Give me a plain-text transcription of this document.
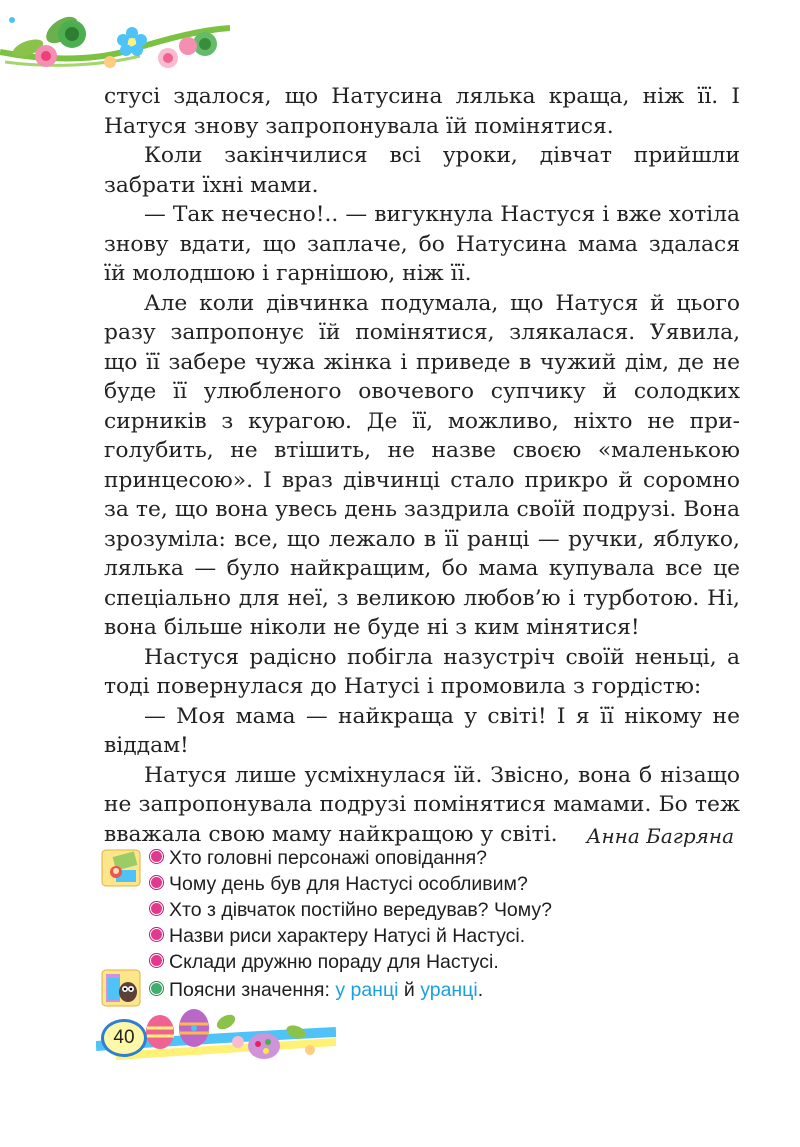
стусі здалося, що Натусина лялька краща, ніж її. І Натуся знову запропонувала їй помінятися.

Коли закінчилися всі уроки, дівчат прийшли забрати їхні мами.

— Так нечесно!.. — вигукнула Настуся і вже хотіла знову вдати, що заплаче, бо Натусина мама здалася їй молодшою і гарнішою, ніж її.

Але коли дівчинка подумала, що Натуся й цього разу запропонує їй помінятися, злякалася. Уявила, що її забере чужа жінка і приведе в чужий дім, де не буде її улюбленого овочевого супчику й солодких сирників з курагою. Де її, можливо, ніхто не приголубить, не втішить, не назве своєю «маленькою принцесою». І враз дівчинці стало прикро й соромно за те, що вона увесь день заздрила своїй подрузі. Вона зрозуміла: все, що лежало в її ранці — ручки, яблуко, лялька — було найкращим, бо мама купувала все це спеціально для неї, з великою любов’ю і турботою. Ні, вона більше ніколи не буде ні з ким мінятися!

Настуся радісно побігла назустріч своїй неньці, а тоді повернулася до Натусі і промовила з гордістю:

— Моя мама — найкраща у світі! І я її нікому не віддам!

Натуся лише усміхнулася їй. Звісно, вона б нізащо не запропонувала подрузі помінятися мамами. Бо теж вважала свою маму найкращою у світі.	Анна Багряна
Хто головні персонажі оповідання?
Чому день був для Настусі особливим?
Хто з дівчаток постійно вередував? Чому?
Назви риси характеру Натусі й Настусі.
Склади дружню пораду для Настусі.
Поясни значення: у ранці й уранці.
40
